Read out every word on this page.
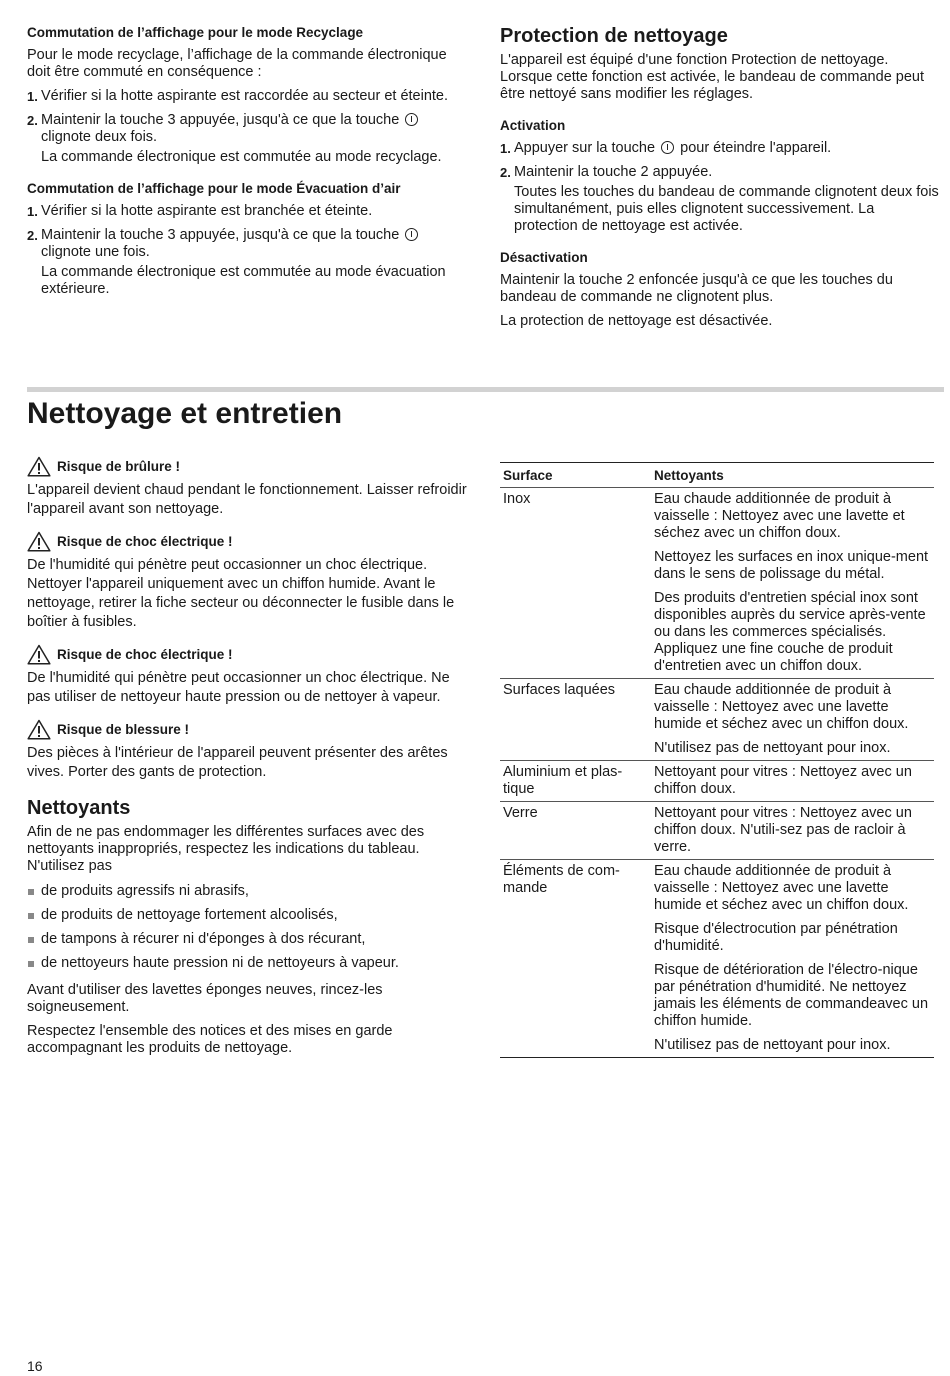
Commutation de l’affichage pour le mode Recyclage

Pour le mode recyclage, l’affichage de la commande électronique doit être commuté en conséquence :

1. Vérifier si la hotte aspirante est raccordée au secteur et éteinte.
2. Maintenir la touche 3 appuyée, jusqu'à ce que la touche  clignote deux fois.
La commande électronique est commutée au mode recyclage.
Commutation de l’affichage pour le mode Évacuation d’air
1. Vérifier si la hotte aspirante est branchée et éteinte.
2. Maintenir la touche 3 appuyée, jusqu'à ce que la touche  clignote une fois.
La commande électronique est commutée au mode évacuation extérieure.
Protection de nettoyage

L'appareil est équipé d'une fonction Protection de nettoyage. Lorsque cette fonction est activée, le bandeau de commande peut être nettoyé sans modifier les réglages.

Activation
1. Appuyer sur la touche pour éteindre l'appareil.
2. Maintenir la touche 2 appuyée.
Toutes les touches du bandeau de commande clignotent deux fois simultanément, puis elles clignotent successivement. La protection de nettoyage est activée.
Désactivation

Maintenir la touche 2 enfoncée jusqu'à ce que les touches du bandeau de commande ne clignotent plus.

La protection de nettoyage est désactivée.

Nettoyage et entretien
Risque de brûlure !

L'appareil devient chaud pendant le fonctionnement. Laisser refroidir l'appareil avant son nettoyage.

Risque de choc électrique !

De l'humidité qui pénètre peut occasionner un choc électrique. Nettoyer l'appareil uniquement avec un chiffon humide. Avant le nettoyage, retirer la fiche secteur ou déconnecter le fusible dans le boîtier à fusibles.

Risque de choc électrique !

De l'humidité qui pénètre peut occasionner un choc électrique. Ne pas utiliser de nettoyeur haute pression ou de nettoyer à vapeur.

Risque de blessure !

Des pièces à l'intérieur de l'appareil peuvent présenter des arêtes vives. Porter des gants de protection.

Nettoyants

Afin de ne pas endommager les différentes surfaces avec des nettoyants inappropriés, respectez les indications du tableau. N'utilisez pas

de produits agressifs ni abrasifs,
de produits de nettoyage fortement alcoolisés,
de tampons à récurer ni d'éponges à dos récurant,
de nettoyeurs haute pression ni de nettoyeurs à vapeur.

Avant d'utiliser des lavettes éponges neuves, rincez-les soigneusement.

Respectez l'ensemble des notices et des mises en garde accompagnant les produits de nettoyage.

Surface	Nettoyants
Inox	Eau chaude additionnée de produit à vaisselle : Nettoyez avec une lavette et séchez avec un chiffon doux.

Nettoyez les surfaces en inox unique-ment dans le sens de polissage du métal.

Des produits d'entretien spécial inox sont disponibles auprès du service après-vente ou dans les commerces spécialisés. Appliquez une fine couche de produit d'entretien avec un chiffon doux.

Surfaces laquées	Eau chaude additionnée de produit à vaisselle : Nettoyez avec une lavette humide et séchez avec un chiffon doux.

N'utilisez pas de nettoyant pour inox.

Aluminium et plas-tique	Nettoyant pour vitres : Nettoyez avec un chiffon doux.

Verre	Nettoyant pour vitres : Nettoyez avec un chiffon doux. N'utili-sez pas de racloir à verre.

Éléments de com-mande	Eau chaude additionnée de produit à vaisselle : Nettoyez avec une lavette humide et séchez avec un chiffon doux.

Risque d'électrocution par pénétration d'humidité.

Risque de détérioration de l'électro-nique par pénétration d'humidité. Ne nettoyez jamais les éléments de commandeavec un chiffon humide.

N'utilisez pas de nettoyant pour inox.

16
